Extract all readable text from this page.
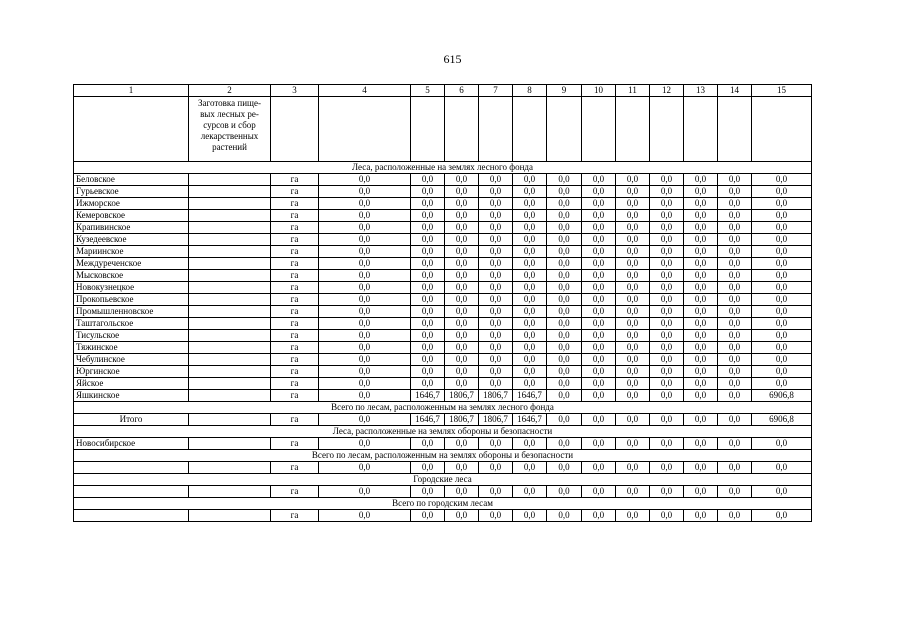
615
1	2	3	4	5	6	7	8	9	10	11	12	13	14	15
	Заготовка пище-вых лесных ре-сурсов и сбор лекарственных растений													
Леса, расположенные на землях лесного фонда														
Беловское		га	0,0	0,0	0,0	0,0	0,0	0,0	0,0	0,0	0,0	0,0	0,0	0,0
Гурьевское		га	0,0	0,0	0,0	0,0	0,0	0,0	0,0	0,0	0,0	0,0	0,0	0,0
Ижморское		га	0,0	0,0	0,0	0,0	0,0	0,0	0,0	0,0	0,0	0,0	0,0	0,0
Кемеровское		га	0,0	0,0	0,0	0,0	0,0	0,0	0,0	0,0	0,0	0,0	0,0	0,0
Крапивинское		га	0,0	0,0	0,0	0,0	0,0	0,0	0,0	0,0	0,0	0,0	0,0	0,0
Кузедеевское		га	0,0	0,0	0,0	0,0	0,0	0,0	0,0	0,0	0,0	0,0	0,0	0,0
Мариинское		га	0,0	0,0	0,0	0,0	0,0	0,0	0,0	0,0	0,0	0,0	0,0	0,0
Междуреченское		га	0,0	0,0	0,0	0,0	0,0	0,0	0,0	0,0	0,0	0,0	0,0	0,0
Мысковское		га	0,0	0,0	0,0	0,0	0,0	0,0	0,0	0,0	0,0	0,0	0,0	0,0
Новокузнецкое		га	0,0	0,0	0,0	0,0	0,0	0,0	0,0	0,0	0,0	0,0	0,0	0,0
Прокопьевское		га	0,0	0,0	0,0	0,0	0,0	0,0	0,0	0,0	0,0	0,0	0,0	0,0
Промышленновское		га	0,0	0,0	0,0	0,0	0,0	0,0	0,0	0,0	0,0	0,0	0,0	0,0
Таштагольское		га	0,0	0,0	0,0	0,0	0,0	0,0	0,0	0,0	0,0	0,0	0,0	0,0
Тисульское		га	0,0	0,0	0,0	0,0	0,0	0,0	0,0	0,0	0,0	0,0	0,0	0,0
Тяжинское		га	0,0	0,0	0,0	0,0	0,0	0,0	0,0	0,0	0,0	0,0	0,0	0,0
Чебулинское		га	0,0	0,0	0,0	0,0	0,0	0,0	0,0	0,0	0,0	0,0	0,0	0,0
Юргинское		га	0,0	0,0	0,0	0,0	0,0	0,0	0,0	0,0	0,0	0,0	0,0	0,0
Яйское		га	0,0	0,0	0,0	0,0	0,0	0,0	0,0	0,0	0,0	0,0	0,0	0,0
Яшкинское		га	0,0	1646,7	1806,7	1806,7	1646,7	0,0	0,0	0,0	0,0	0,0	0,0	6906,8
Всего по лесам, расположенным на землях лесного фонда														
Итого		га	0,0	1646,7	1806,7	1806,7	1646,7	0,0	0,0	0,0	0,0	0,0	0,0	6906,8
Леса, расположенные на землях обороны и безопасности														
Новосибирское		га	0,0	0,0	0,0	0,0	0,0	0,0	0,0	0,0	0,0	0,0	0,0	0,0
Всего по лесам, расположенным на землях обороны и безопасности														
		га	0,0	0,0	0,0	0,0	0,0	0,0	0,0	0,0	0,0	0,0	0,0	0,0
Городские леса														
		га	0,0	0,0	0,0	0,0	0,0	0,0	0,0	0,0	0,0	0,0	0,0	0,0
Всего по городским лесам														
		га	0,0	0,0	0,0	0,0	0,0	0,0	0,0	0,0	0,0	0,0	0,0	0,0
